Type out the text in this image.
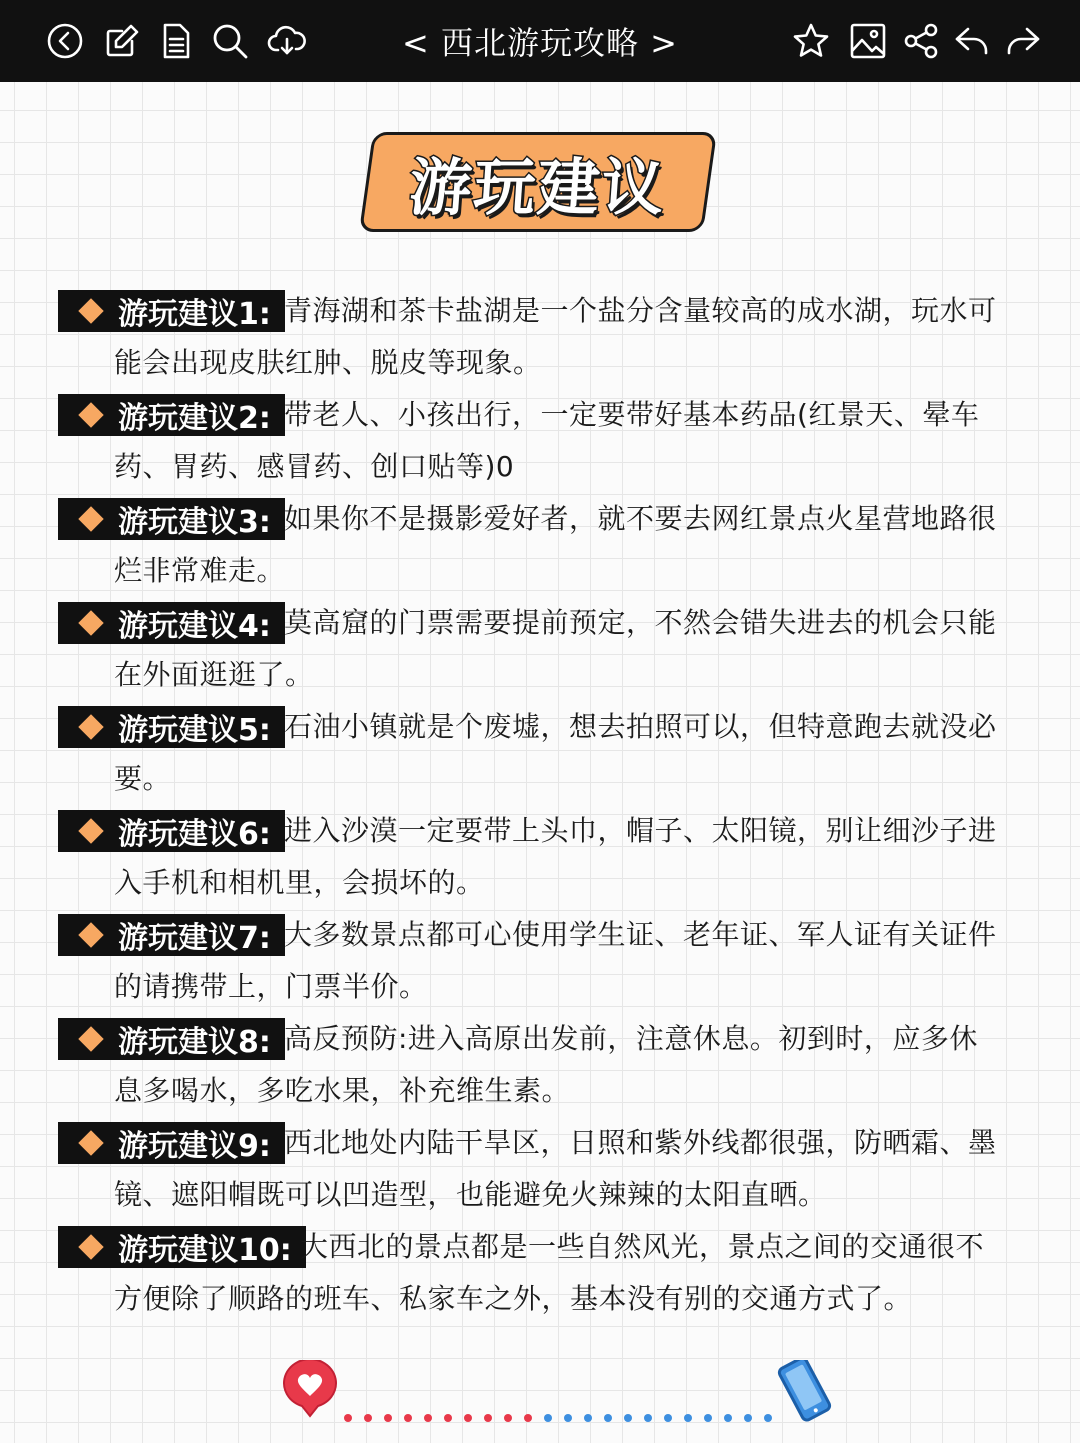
< 西北游玩攻略 >
游玩建议
游玩建议1: 青海湖和茶卡盐湖是一个盐分含量较高的成水湖，玩水可
能会出现皮肤红肿、脱皮等现象。
游玩建议2: 带老人、小孩出行，一定要带好基本药品(红景天、晕车
药、胃药、感冒药、创口贴等)0
游玩建议3: 如果你不是摄影爱好者，就不要去网红景点火星营地路很
烂非常难走。
游玩建议4: 莫高窟的门票需要提前预定，不然会错失进去的机会只能
在外面逛逛了。
游玩建议5: 石油小镇就是个废墟，想去拍照可以，但特意跑去就没必
要。
游玩建议6: 进入沙漠一定要带上头巾，帽子、太阳镜，别让细沙子进
入手机和相机里，会损坏的。
游玩建议7: 大多数景点都可心使用学生证、老年证、军人证有关证件
的请携带上，门票半价。
游玩建议8: 高反预防:进入高原出发前，注意休息。初到时，应多休
息多喝水，多吃水果，补充维生素。
游玩建议9: 西北地处内陆干旱区，日照和紫外线都很强，防晒霜、墨
镜、遮阳帽既可以凹造型，也能避免火辣辣的太阳直晒。
游玩建议10: 大西北的景点都是一些自然风光，景点之间的交通很不
方便除了顺路的班车、私家车之外，基本没有别的交通方式了。
